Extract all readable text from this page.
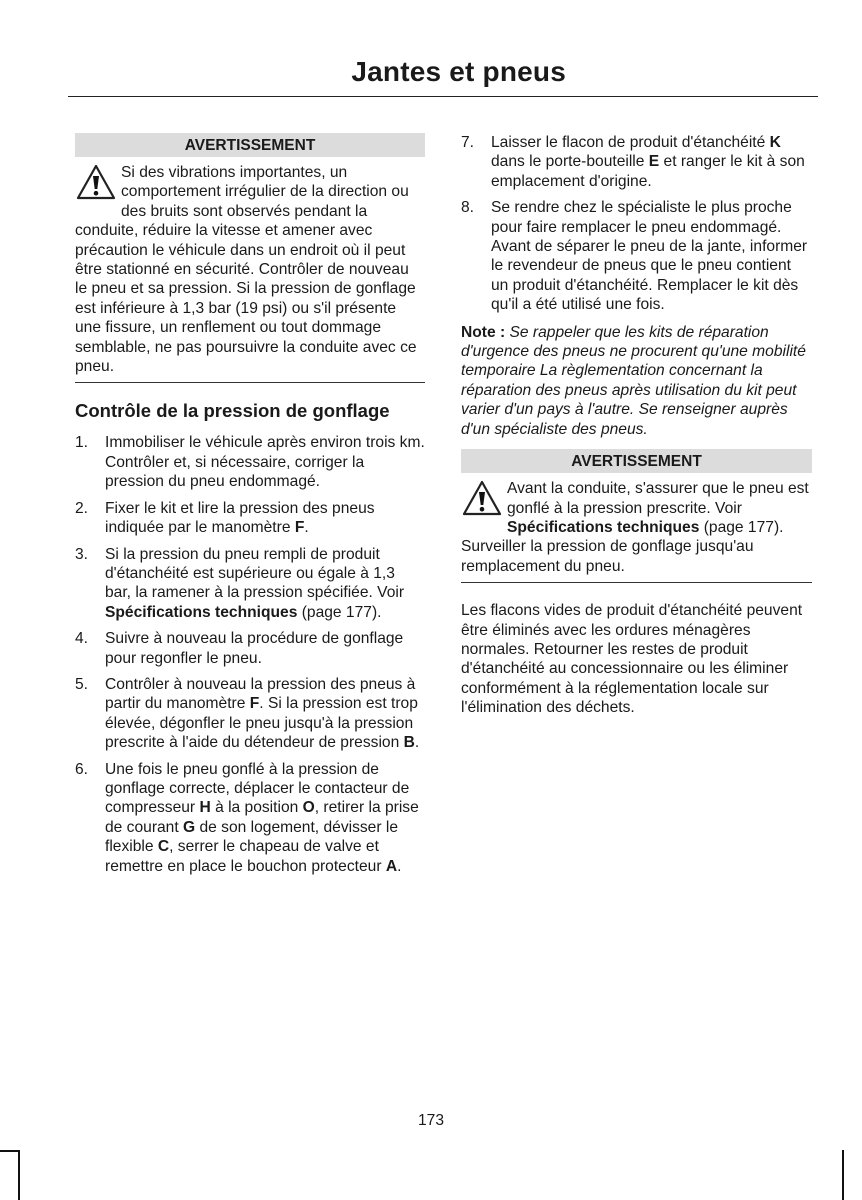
Jantes et pneus
AVERTISSEMENT
Si des vibrations importantes, un comportement irrégulier de la direction ou des bruits sont observés pendant la conduite, réduire la vitesse et amener avec précaution le véhicule dans un endroit où il peut être stationné en sécurité. Contrôler de nouveau le pneu et sa pression. Si la pression de gonflage est inférieure à 1,3 bar (19 psi) ou s'il présente une fissure, un renflement ou tout dommage semblable, ne pas poursuivre la conduite avec ce pneu.
Contrôle de la pression de gonflage
1. Immobiliser le véhicule après environ trois km. Contrôler et, si nécessaire, corriger la pression du pneu endommagé.
2. Fixer le kit et lire la pression des pneus indiquée par le manomètre F.
3. Si la pression du pneu rempli de produit d'étanchéité est supérieure ou égale à 1,3 bar, la ramener à la pression spécifiée. Voir Spécifications techniques (page 177).
4. Suivre à nouveau la procédure de gonflage pour regonfler le pneu.
5. Contrôler à nouveau la pression des pneus à partir du manomètre F. Si la pression est trop élevée, dégonfler le pneu jusqu'à la pression prescrite à l'aide du détendeur de pression B.
6. Une fois le pneu gonflé à la pression de gonflage correcte, déplacer le contacteur de compresseur H à la position O, retirer la prise de courant G de son logement, dévisser le flexible C, serrer le chapeau de valve et remettre en place le bouchon protecteur A.
7. Laisser le flacon de produit d'étanchéité K dans le porte-bouteille E et ranger le kit à son emplacement d'origine.
8. Se rendre chez le spécialiste le plus proche pour faire remplacer le pneu endommagé. Avant de séparer le pneu de la jante, informer le revendeur de pneus que le pneu contient un produit d'étanchéité. Remplacer le kit dès qu'il a été utilisé une fois.

Note : Se rappeler que les kits de réparation d'urgence des pneus ne procurent qu'une mobilité temporaire La règlementation concernant la réparation des pneus après utilisation du kit peut varier d'un pays à l'autre. Se renseigner auprès d'un spécialiste des pneus.

AVERTISSEMENT
Avant la conduite, s'assurer que le pneu est gonflé à la pression prescrite. Voir Spécifications techniques (page 177). Surveiller la pression de gonflage jusqu'au remplacement du pneu.

Les flacons vides de produit d'étanchéité peuvent être éliminés avec les ordures ménagères normales. Retourner les restes de produit d'étanchéité au concessionnaire ou les éliminer conformément à la réglementation locale sur l'élimination des déchets.

173
